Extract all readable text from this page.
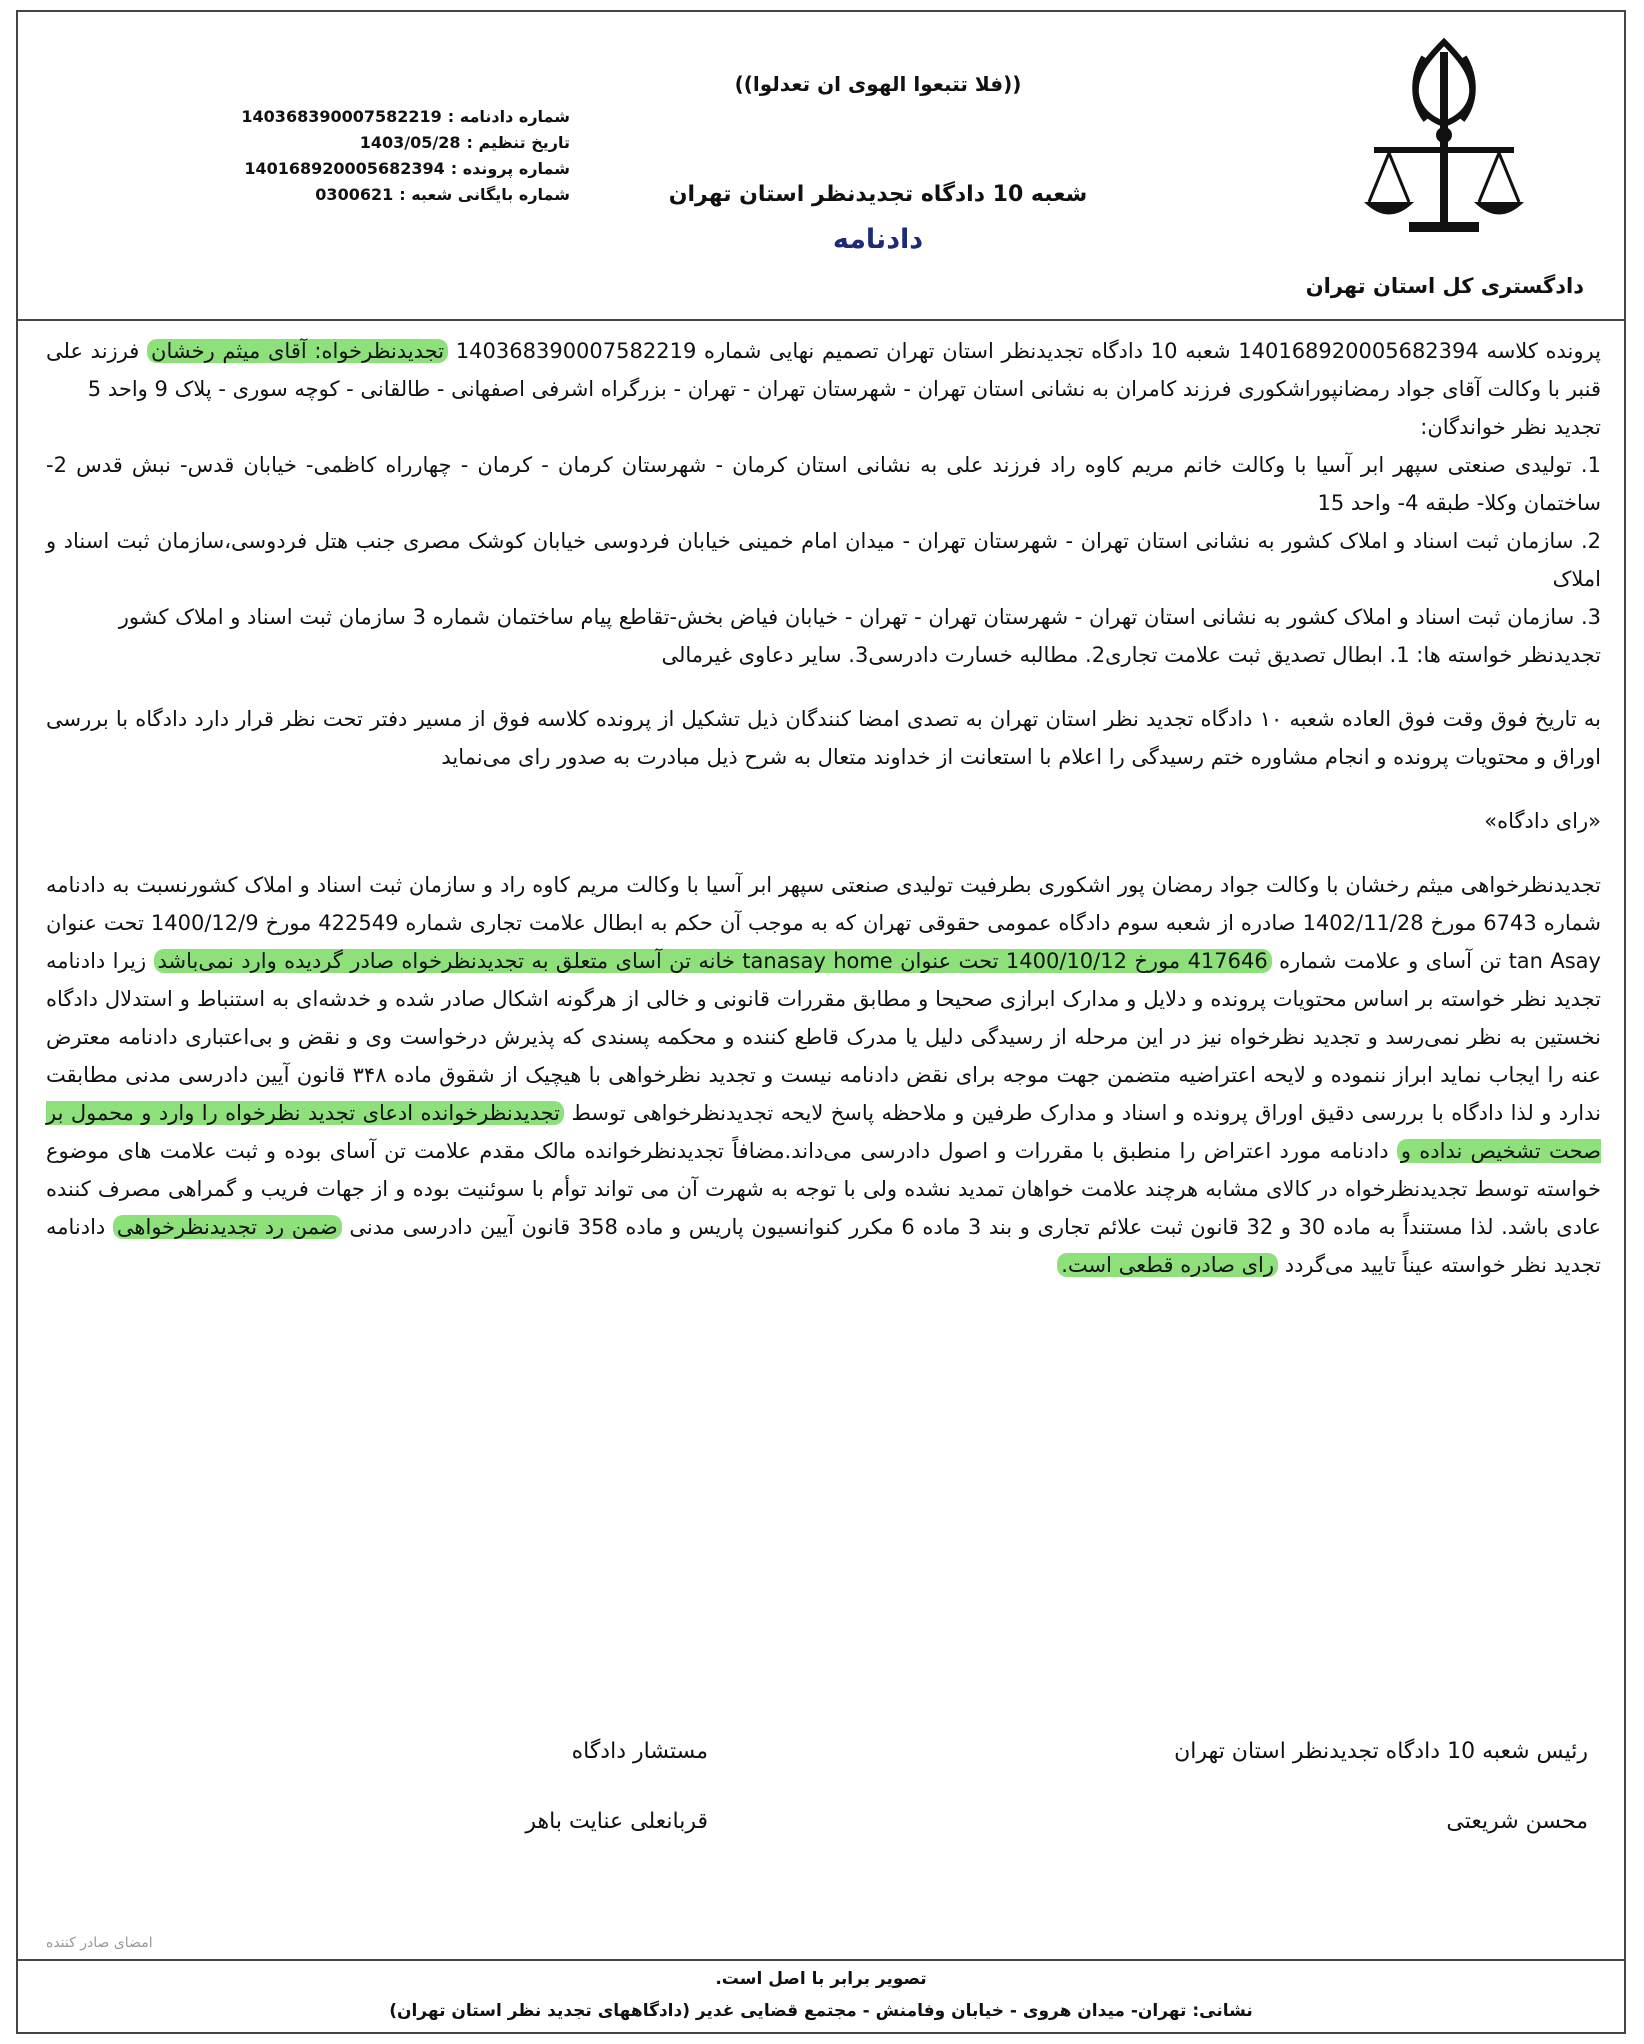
دادگستری کل استان تهران
((فلا تتبعوا الهوی ان تعدلوا))
شعبه 10 دادگاه تجدیدنظر استان تهران
دادنامه
شماره دادنامه :
140368390007582219
تاریخ تنظیم :
1403/05/28
شماره پرونده :
140168920005682394
شماره بایگانی شعبه :
0300621

پرونده کلاسه 140168920005682394 شعبه 10 دادگاه تجدیدنظر استان تهران تصمیم نهایی شماره 140368390007582219 تجدیدنظرخواه: آقای میثم رخشان فرزند علی قنبر با وکالت آقای جواد رمضانپوراشکوری فرزند کامران به نشانی استان تهران - شهرستان تهران - تهران - بزرگراه اشرفی اصفهانی - طالقانی - کوچه سوری - پلاک 9 واحد 5

تجدید نظر خواندگان:

1. تولیدی صنعتی سپهر ابر آسیا با وکالت خانم مریم کاوه راد فرزند علی به نشانی استان کرمان - شهرستان کرمان - کرمان - چهارراه کاظمی- خیابان قدس- نبش قدس 2- ساختمان وکلا- طبقه 4- واحد 15

2. سازمان ثبت اسناد و املاک کشور به نشانی استان تهران - شهرستان تهران - میدان امام خمینی خیابان فردوسی خیابان کوشک مصری جنب هتل فردوسی،سازمان ثبت اسناد و املاک

3. سازمان ثبت اسناد و املاک کشور به نشانی استان تهران - شهرستان تهران - تهران - خیابان فیاض بخش-تقاطع پیام ساختمان شماره 3 سازمان ثبت اسناد و املاک کشور

تجدیدنظر خواسته ها: 1. ابطال تصدیق ثبت علامت تجاری2. مطالبه خسارت دادرسی3. سایر دعاوی غیرمالی

به تاریخ فوق وقت فوق العاده شعبه ۱۰ دادگاه تجدید نظر استان تهران به تصدی امضا کنندگان ذیل تشکیل از پرونده کلاسه فوق از مسیر دفتر تحت نظر قرار دارد دادگاه با بررسی اوراق و محتویات پرونده و انجام مشاوره ختم رسیدگی را اعلام با استعانت از خداوند متعال به شرح ذیل مبادرت به صدور رای می‌نماید

«رای دادگاه»

تجدیدنظرخواهی میثم رخشان با وکالت جواد رمضان پور اشکوری بطرفیت تولیدی صنعتی سپهر ابر آسیا با وکالت مریم کاوه راد و سازمان ثبت اسناد و املاک کشورنسبت به دادنامه شماره 6743 مورخ 1402/11/28 صادره از شعبه سوم دادگاه عمومی حقوقی تهران که به موجب آن حکم به ابطال علامت تجاری شماره 422549 مورخ 1400/12/9 تحت عنوان tan Asay تن آسای و علامت شماره 417646 مورخ 1400/10/12 تحت عنوان tanasay home خانه تن آسای متعلق به تجدیدنظرخواه صادر گردیده وارد نمی‌باشد زیرا دادنامه تجدید نظر خواسته بر اساس محتویات پرونده و دلایل و مدارک ابرازی صحیحا و مطابق مقررات قانونی و خالی از هرگونه اشکال صادر شده و خدشه‌ای به استنباط و استدلال دادگاه نخستین به نظر نمی‌رسد و تجدید نظرخواه نیز در این مرحله از رسیدگی دلیل یا مدرک قاطع کننده و محکمه پسندی که پذیرش درخواست وی و نقض و بی‌اعتباری دادنامه معترض عنه را ایجاب نماید ابراز ننموده و لایحه اعتراضیه متضمن جهت موجه برای نقض دادنامه نیست و تجدید نظرخواهی با هیچیک از شقوق ماده ۳۴۸ قانون آیین دادرسی مدنی مطابقت ندارد و لذا دادگاه با بررسی دقیق اوراق پرونده و اسناد و مدارک طرفین و ملاحظه پاسخ لایحه تجدیدنظرخواهی توسط تجدیدنظرخوانده ادعای تجدید نظرخواه را وارد و محمول بر صحت تشخیص نداده و دادنامه مورد اعتراض را منطبق با مقررات و اصول دادرسی می‌داند.مضافاً تجدیدنظرخوانده مالک مقدم علامت تن آسای بوده و ثبت علامت های موضوع خواسته توسط تجدیدنظرخواه در کالای مشابه هرچند علامت خواهان تمدید نشده ولی با توجه به شهرت آن می تواند توأم با سوئنیت بوده و از جهات فریب و گمراهی مصرف کننده عادی باشد. لذا مستنداً به ماده 30 و 32 قانون ثبت علائم تجاری و بند 3 ماده 6 مکرر کنوانسیون پاریس و ماده 358 قانون آیین دادرسی مدنی ضمن رد تجدیدنظرخواهی دادنامه تجدید نظر خواسته عیناً تایید می‌گردد رای صادره قطعی است.

رئیس شعبه 10 دادگاه تجدیدنظر استان تهران
محسن شریعتی
مستشار دادگاه
قربانعلی عنایت باهر
امضای صادر کننده
تصویر برابر با اصل است.
نشانی: تهران- میدان هروی - خیابان وفامنش - مجتمع قضایی غدیر (دادگاههای تجدید نظر استان تهران)
